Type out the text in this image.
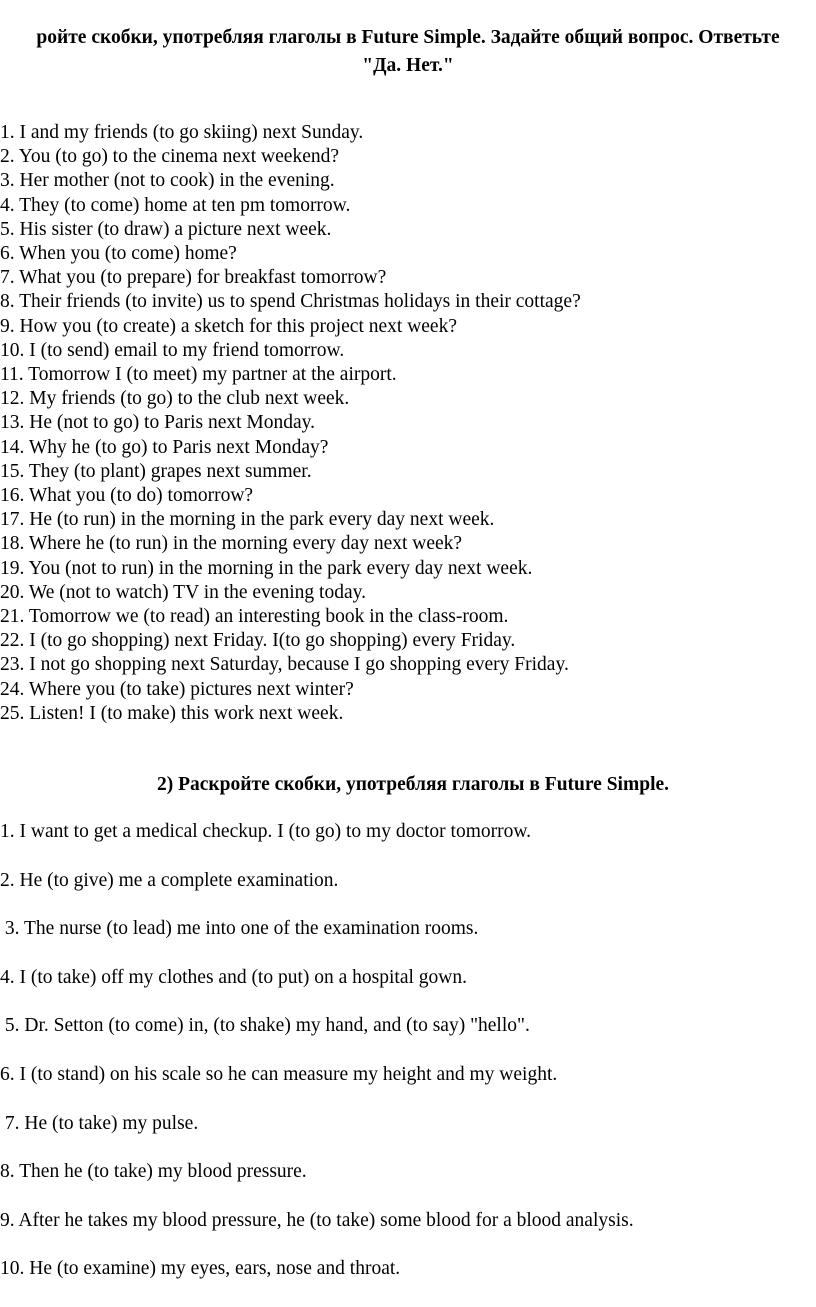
ройте скобки, употребляя глаголы в Future Simple. Задайте общий вопрос. Ответьте
"Да. Нет."
1. I and my friends (to go skiing) next Sunday.
2. You (to go) to the cinema next weekend?
3. Her mother (not to cook) in the evening.
4. They (to come) home at ten pm tomorrow.
5. His sister (to draw) a picture next week.
6. When you (to come) home?
7. What you (to prepare) for breakfast tomorrow?
8. Their friends (to invite) us to spend Christmas holidays in their cottage?
9. How you (to create) a sketch for this project next week?
10. I (to send) email to my friend tomorrow.
11. Tomorrow I (to meet) my partner at the airport.
12. My friends (to go) to the club next week.
13. He (not to go) to Paris next Monday.
14. Why he (to go) to Paris next Monday?
15. They (to plant) grapes next summer.
16. What you (to do) tomorrow?
17. He (to run) in the morning in the park every day next week.
18. Where he (to run) in the morning every day next week?
19. You (not to run) in the morning in the park every day next week.
20. We (not to watch) TV in the evening today.
21. Tomorrow we (to read) an interesting book in the class-room.
22. I (to go shopping) next Friday. I(to go shopping) every Friday.
23. I not go shopping next Saturday, because I go shopping every Friday.
24. Where you (to take) pictures next winter?
25. Listen! I (to make) this work next week.
2) Раскройте скобки, употребляя глаголы в Future Simple.
1. I want to get a medical checkup. I (to go) to my doctor tomorrow.
2. He (to give) me a complete examination.
3. The nurse (to lead) me into one of the examination rooms.
4. I (to take) off my clothes and (to put) on a hospital gown.
5. Dr. Setton (to come) in, (to shake) my hand, and (to say) "hello".
6. I (to stand) on his scale so he can measure my height and my weight.
7. He (to take) my pulse.
8. Then he (to take) my blood pressure.
9. After he takes my blood pressure, he (to take) some blood for a blood analysis.
10. He (to examine) my eyes, ears, nose and throat.
